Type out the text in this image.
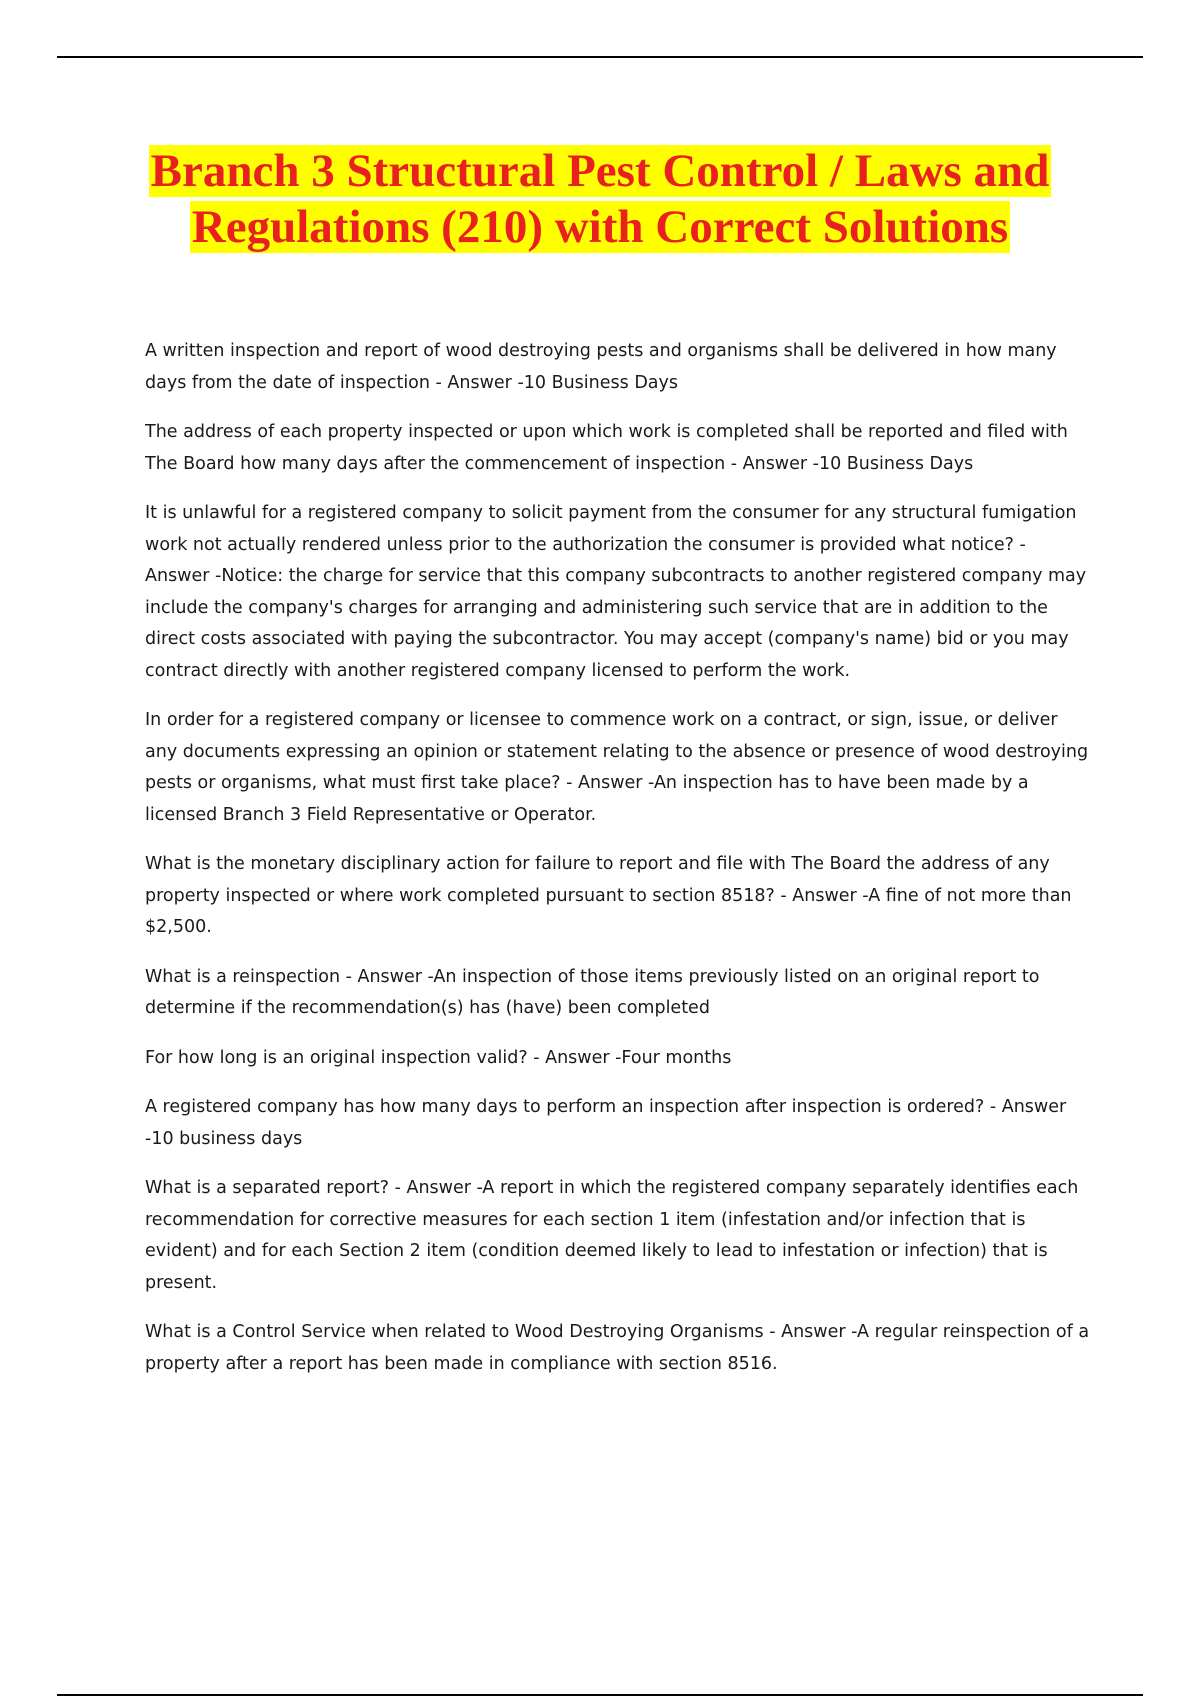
Branch 3 Structural Pest Control / Laws and Regulations (210) with Correct Solutions

A written inspection and report of wood destroying pests and organisms shall be delivered in how many days from the date of inspection - Answer -10 Business Days

The address of each property inspected or upon which work is completed shall be reported and filed with The Board how many days after the commencement of inspection - Answer -10 Business Days

It is unlawful for a registered company to solicit payment from the consumer for any structural fumigation work not actually rendered unless prior to the authorization the consumer is provided what notice? - Answer -Notice: the charge for service that this company subcontracts to another registered company may include the company's charges for arranging and administering such service that are in addition to the direct costs associated with paying the subcontractor. You may accept (company's name) bid or you may contract directly with another registered company licensed to perform the work.

In order for a registered company or licensee to commence work on a contract, or sign, issue, or deliver any documents expressing an opinion or statement relating to the absence or presence of wood destroying pests or organisms, what must first take place? - Answer -An inspection has to have been made by a licensed Branch 3 Field Representative or Operator.

What is the monetary disciplinary action for failure to report and file with The Board the address of any property inspected or where work completed pursuant to section 8518? - Answer -A fine of not more than $2,500.

What is a reinspection - Answer -An inspection of those items previously listed on an original report to determine if the recommendation(s) has (have) been completed

For how long is an original inspection valid? - Answer -Four months

A registered company has how many days to perform an inspection after inspection is ordered? - Answer -10 business days

What is a separated report? - Answer -A report in which the registered company separately identifies each recommendation for corrective measures for each section 1 item (infestation and/or infection that is evident) and for each Section 2 item (condition deemed likely to lead to infestation or infection) that is present.

What is a Control Service when related to Wood Destroying Organisms - Answer -A regular reinspection of a property after a report has been made in compliance with section 8516.
